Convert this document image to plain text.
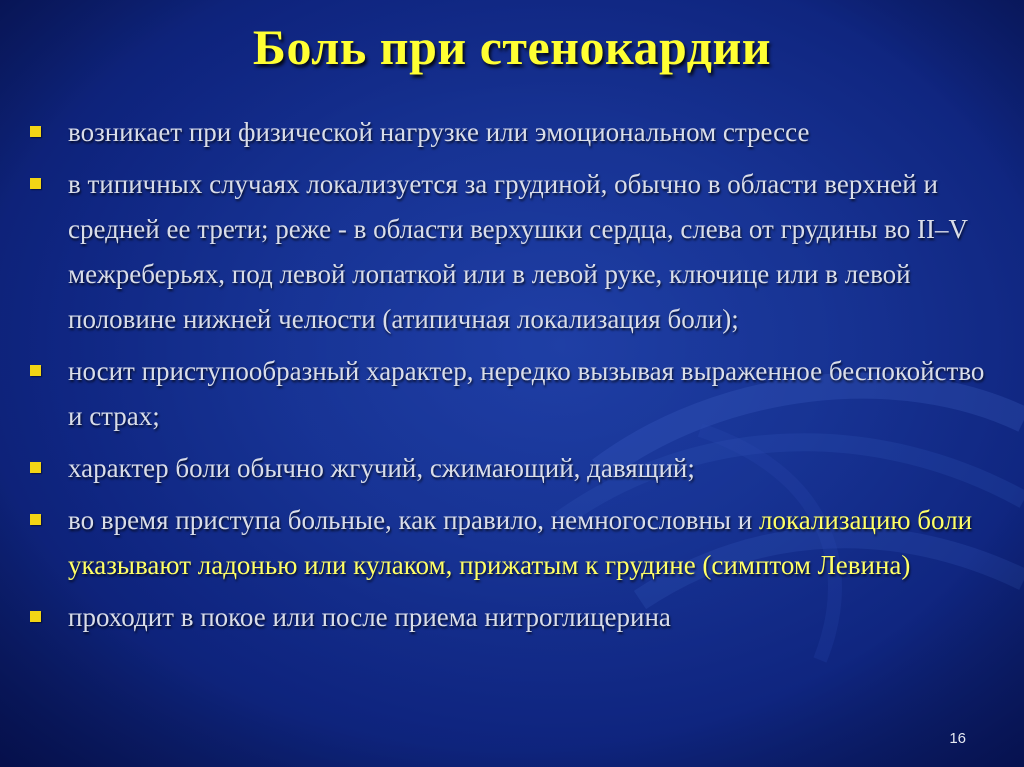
Боль при стенокардии
возникает при физической нагрузке или эмоциональном стрессе
в типичных случаях локализуется за грудиной, обычно в области верхней и средней ее трети; реже - в области верхушки сердца, слева от грудины во II–V межреберьях, под левой лопаткой или в левой руке, ключице или в левой половине нижней челюсти (атипичная локализация боли);
носит приступообразный характер, нередко вызывая выраженное беспокойство и страх;
характер боли обычно жгучий, сжимающий, давящий;
во время приступа больные, как правило, немногословны и локализацию боли указывают ладонью или кулаком, прижатым к грудине (симптом Левина)
проходит в покое или после приема нитроглицерина
16
